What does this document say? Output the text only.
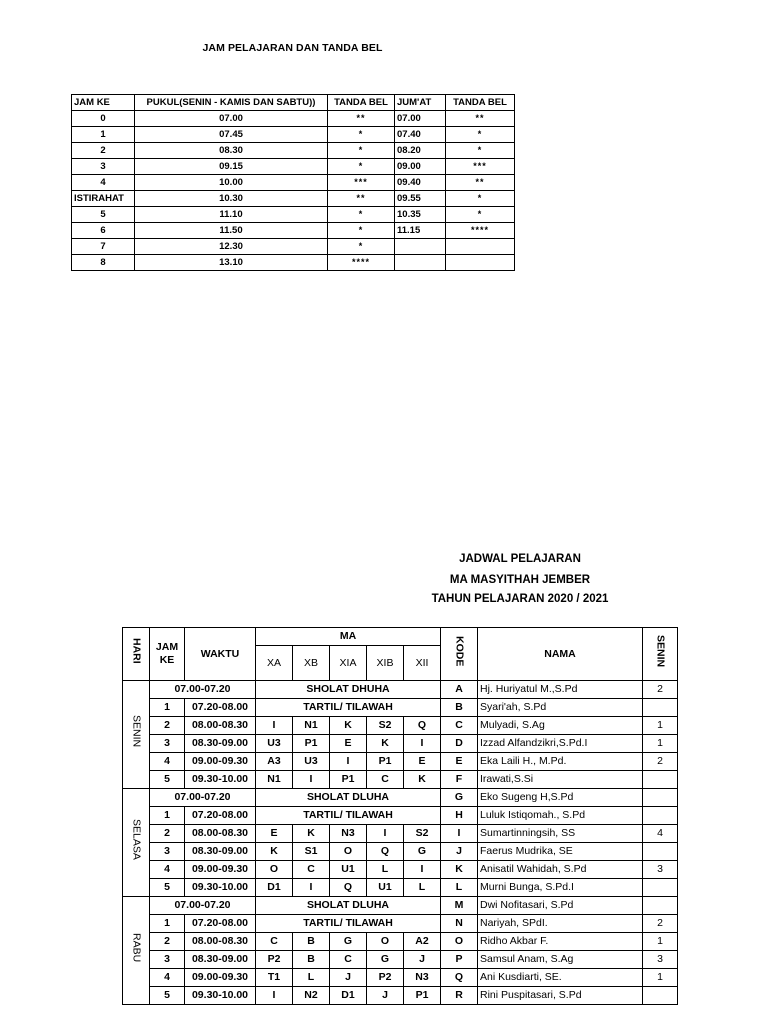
JAM PELAJARAN DAN TANDA BEL
JAM KE	PUKUL(SENIN - KAMIS DAN SABTU))	TANDA BEL	JUM'AT	TANDA BEL
0	07.00	**	07.00	**
1	07.45	*	07.40	*
2	08.30	*	08.20	*
3	09.15	*	09.00	***
4	10.00	***	09.40	**
ISTIRAHAT	10.30	**	09.55	*
5	11.10	*	10.35	*
6	11.50	*	11.15	****
7	12.30	*		
8	13.10	****		
JADWAL PELAJARAN
MA MASYITHAH JEMBER
TAHUN PELAJARAN 2020 / 2021
HARI	JAM KE	WAKTU	MA					KODE	NAMA	SENIN
			XA	XB	XIA	XIB	XII			
SENIN	07.00-07.20		SHOLAT DHUHA					A	Hj. Huriyatul M.,S.Pd	2
	1	07.20-08.00	TARTIL/ TILAWAH					B	Syari'ah, S.Pd	
	2	08.00-08.30	I	N1	K	S2	Q	C	Mulyadi, S.Ag	1
	3	08.30-09.00	U3	P1	E	K	I	D	Izzad Alfandzikri,S.Pd.I	1
	4	09.00-09.30	A3	U3	I	P1	E	E	Eka Laili H., M.Pd.	2
	5	09.30-10.00	N1	I	P1	C	K	F	Irawati,S.Si	
SELASA	07.00-07.20		SHOLAT DLUHA					G	Eko Sugeng H,S.Pd	
	1	07.20-08.00	TARTIL/ TILAWAH					H	Luluk Istiqomah., S.Pd	
	2	08.00-08.30	E	K	N3	I	S2	I	Sumartinningsih, SS	4
	3	08.30-09.00	K	S1	O	Q	G	J	Faerus Mudrika, SE	
	4	09.00-09.30	O	C	U1	L	I	K	Anisatil Wahidah, S.Pd	3
	5	09.30-10.00	D1	I	Q	U1	L	L	Murni Bunga, S.Pd.I	
RABU	07.00-07.20		SHOLAT DLUHA					M	Dwi Nofitasari, S.Pd	
	1	07.20-08.00	TARTIL/ TILAWAH					N	Nariyah, SPdI.	2
	2	08.00-08.30	C	B	G	O	A2	O	Ridho Akbar F.	1
	3	08.30-09.00	P2	B	C	G	J	P	Samsul Anam, S.Ag	3
	4	09.00-09.30	T1	L	J	P2	N3	Q	Ani Kusdiarti, SE.	1
	5	09.30-10.00	I	N2	D1	J	P1	R	Rini Puspitasari, S.Pd	
